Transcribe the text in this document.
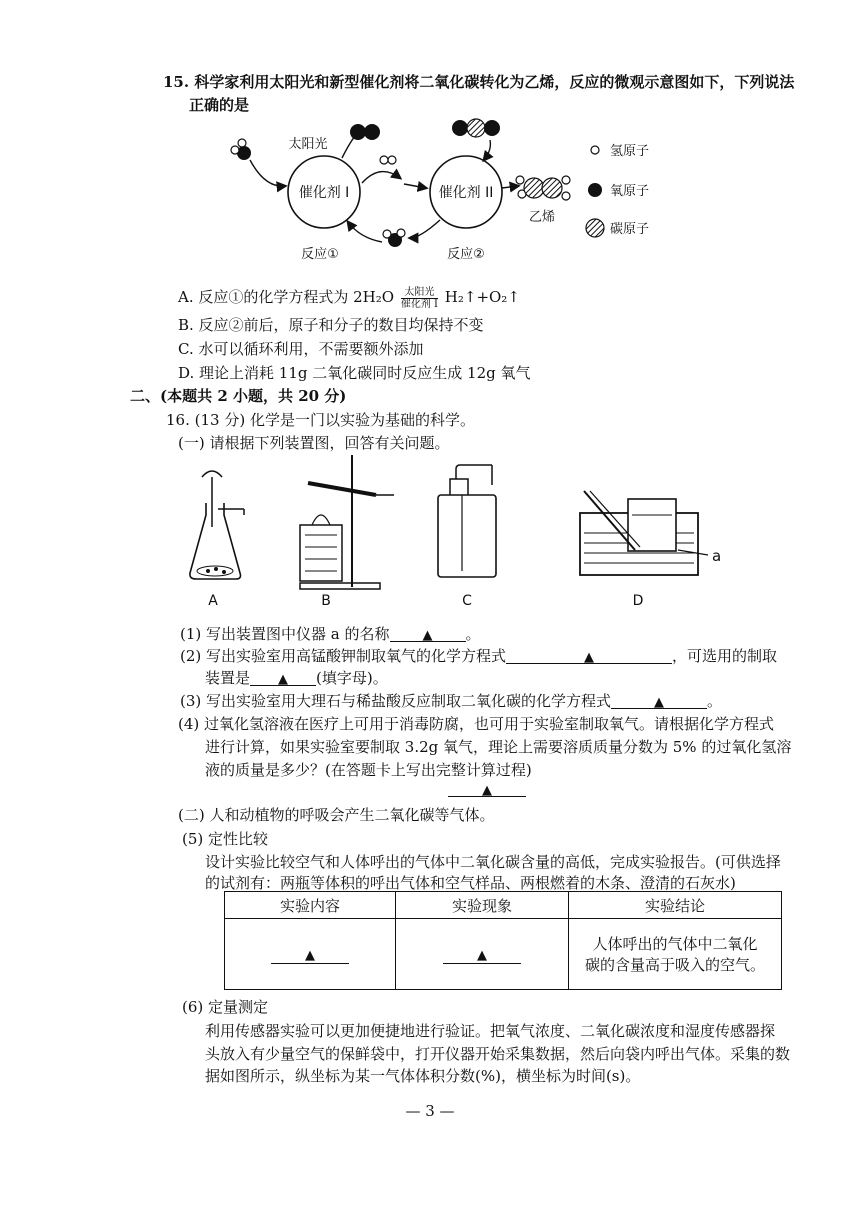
15. 科学家利用太阳光和新型催化剂将二氧化碳转化为乙烯，反应的微观示意图如下，下列说法
正确的是
催化剂 I
太阳光
催化剂 II
乙烯
反应①	反应②
氢原子
氧原子
碳原子
A. 反应①的化学方程式为 $2H_2O \frac{\text{太阳光}}{\text{催化剂 I}}$ H₂↑+O₂↑
B. 反应②前后，原子和分子的数目均保持不变
C. 水可以循环利用，不需要额外添加
D. 理论上消耗 11g 二氧化碳同时反应生成 12g 氧气
二、(本题共 2 小题，共 20 分)
16. (13 分) 化学是一门以实验为基础的科学。
(一) 请根据下列装置图，回答有关问题。
a
A	B	C	D
(1) 写出装置图中仪器 a 的名称	▲ 。
(2) 写出实验室用高锰酸钾制取氧气的化学方程式	▲	，可选用的制取
装置是 ▲ (填字母)。
(3) 写出实验室用大理石与稀盐酸反应制取二氧化碳的化学方程式	▲	。
(4) 过氧化氢溶液在医疗上可用于消毒防腐，也可用于实验室制取氧气。请根据化学方程式
进行计算，如果实验室要制取 3.2g 氧气，理论上需要溶质质量分数为 5% 的过氧化氢溶
液的质量是多少？(在答题卡上写出完整计算过程)
▲
(二) 人和动植物的呼吸会产生二氧化碳等气体。
(5) 定性比较
设计实验比较空气和人体呼出的气体中二氧化碳含量的高低，完成实验报告。(可供选择
的试剂有：两瓶等体积的呼出气体和空气样品、两根燃着的木条、澄清的石灰水)
实验内容	实验现象	实验结论
▲	▲	人体呼出的气体中二氧化
碳的含量高于吸入的空气。
(6) 定量测定
利用传感器实验可以更加便捷地进行验证。把氧气浓度、二氧化碳浓度和湿度传感器探
头放入有少量空气的保鲜袋中，打开仪器开始采集数据，然后向袋内呼出气体。采集的数
据如图所示，纵坐标为某一气体体积分数(%)，横坐标为时间(s)。
— 3 —
